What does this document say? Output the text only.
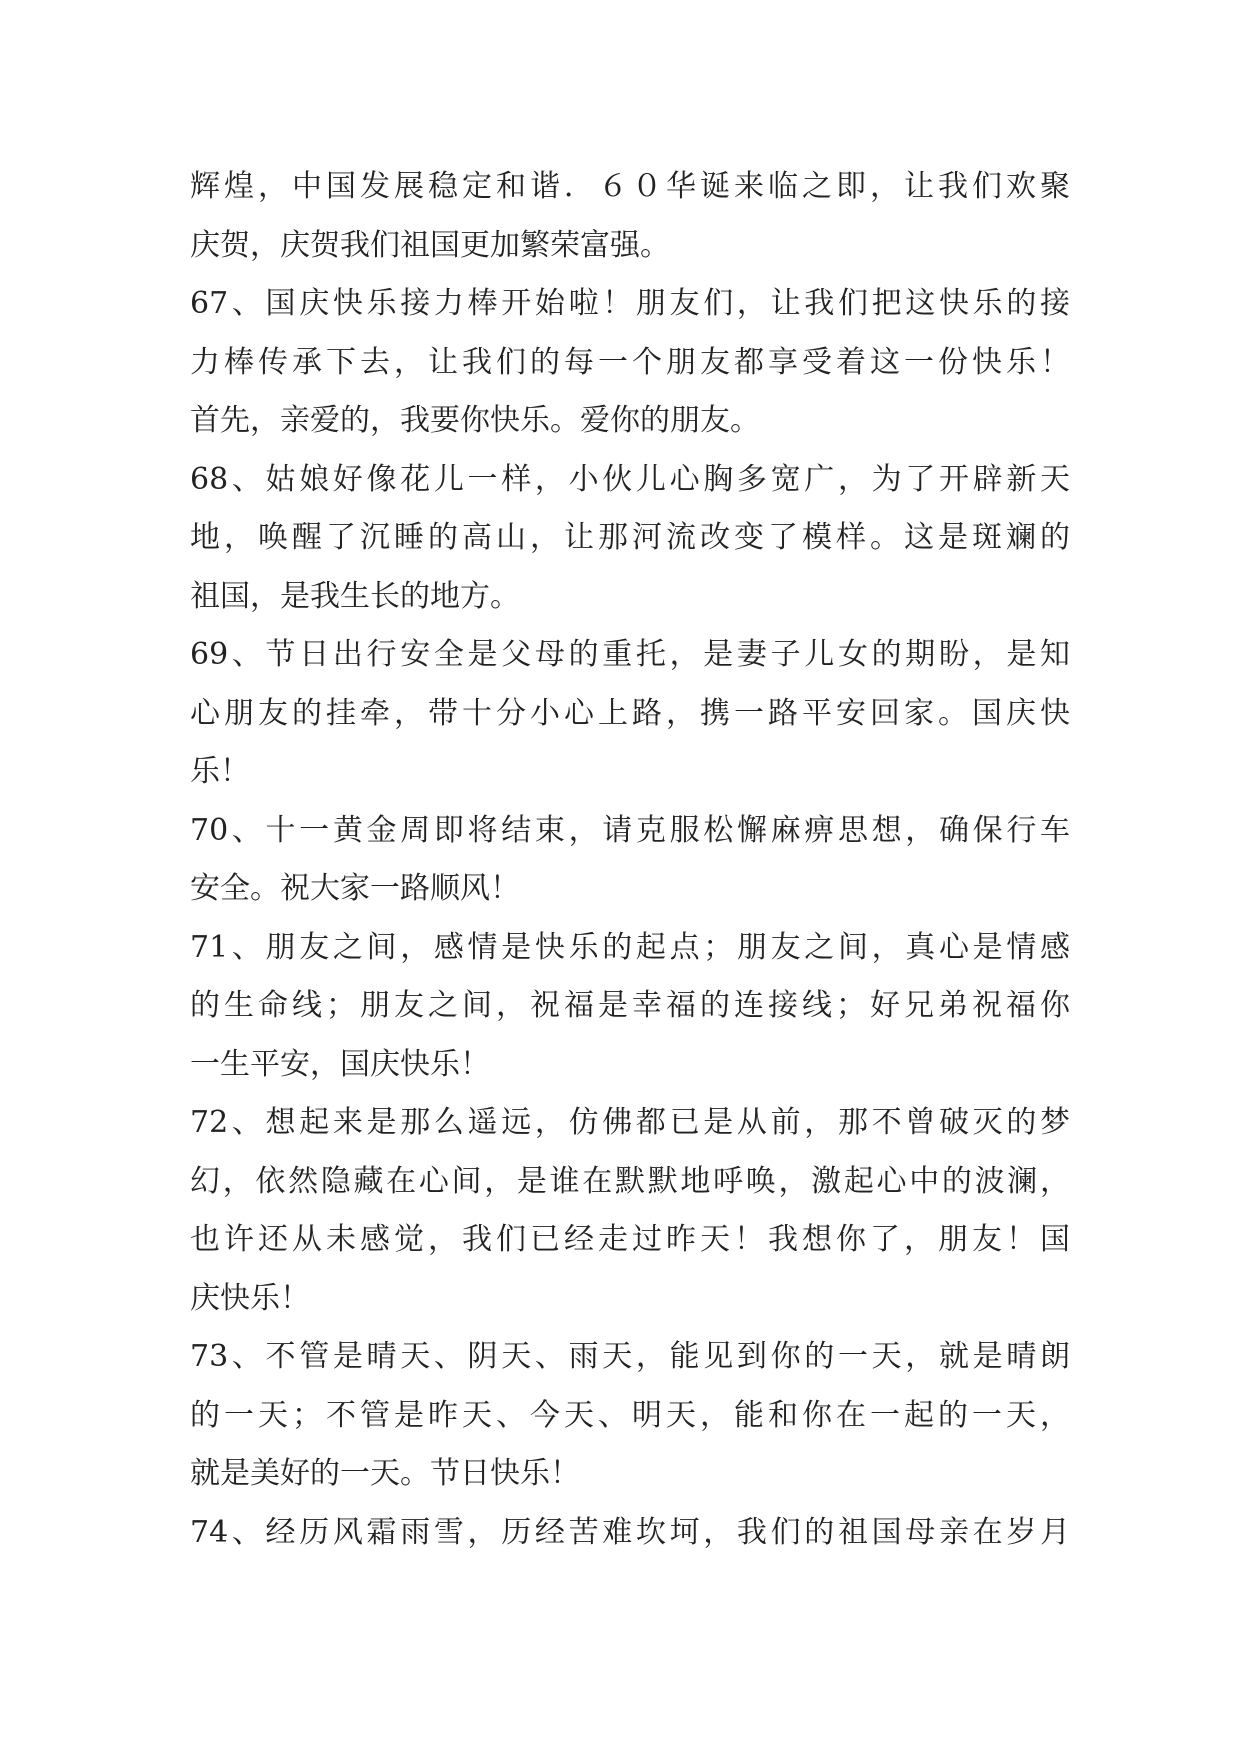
辉煌，中国发展稳定和谐．６０华诞来临之即，让我们欢聚
庆贺，庆贺我们祖国更加繁荣富强。
67、国庆快乐接力棒开始啦！朋友们，让我们把这快乐的接
力棒传承下去，让我们的每一个朋友都享受着这一份快乐！
首先，亲爱的，我要你快乐。爱你的朋友。
68、姑娘好像花儿一样，小伙儿心胸多宽广，为了开辟新天
地，唤醒了沉睡的高山，让那河流改变了模样。这是斑斓的
祖国，是我生长的地方。
69、节日出行安全是父母的重托，是妻子儿女的期盼，是知
心朋友的挂牵，带十分小心上路，携一路平安回家。国庆快
乐！
70、十一黄金周即将结束，请克服松懈麻痹思想，确保行车
安全。祝大家一路顺风！
71、朋友之间，感情是快乐的起点；朋友之间，真心是情感
的生命线；朋友之间，祝福是幸福的连接线；好兄弟祝福你
一生平安，国庆快乐！
72、想起来是那么遥远，仿佛都已是从前，那不曾破灭的梦
幻，依然隐藏在心间，是谁在默默地呼唤，激起心中的波澜，
也许还从未感觉，我们已经走过昨天！我想你了，朋友！国
庆快乐！
73、不管是晴天、阴天、雨天，能见到你的一天，就是晴朗
的一天；不管是昨天、今天、明天，能和你在一起的一天，
就是美好的一天。节日快乐！
74、经历风霜雨雪，历经苦难坎坷，我们的祖国母亲在岁月
